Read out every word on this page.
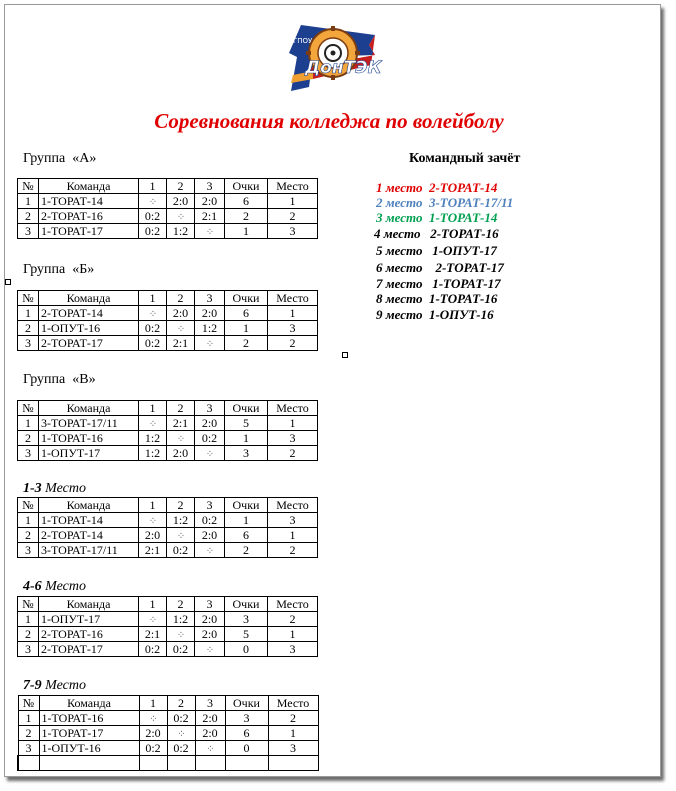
ГПОУ
ДонТЭК
Соревнования колледжа по волейболу
Группа «А»
№	Команда	1	2	3	Очки	Место
1	1-ТОРАТ-14	⁘	2:0	2:0	6	1
2	2-ТОРАТ-16	0:2	⁘	2:1	2	2
3	1-ТОРАТ-17	0:2	1:2	⁘	1	3
Группа «Б»
№	Команда	1	2	3	Очки	Место
1	2-ТОРАТ-14	⁘	2:0	2:0	6	1
2	1-ОПУТ-16	0:2	⁘	1:2	1	3
3	2-ТОРАТ-17	0:2	2:1	⁘	2	2
Группа «В»
№	Команда	1	2	3	Очки	Место
1	3-ТОРАТ-17/11	⁘	2:1	2:0	5	1
2	1-ТОРАТ-16	1:2	⁘	0:2	1	3
3	1-ОПУТ-17	1:2	2:0	⁘	3	2
1-3 Место
№	Команда	1	2	3	Очки	Место
1	1-ТОРАТ-14	⁘	1:2	0:2	1	3
2	2-ТОРАТ-14	2:0	⁘	2:0	6	1
3	3-ТОРАТ-17/11	2:1	0:2	⁘	2	2
4-6 Место
№	Команда	1	2	3	Очки	Место
1	1-ОПУТ-17	⁘	1:2	2:0	3	2
2	2-ТОРАТ-16	2:1	⁘	2:0	5	1
3	2-ТОРАТ-17	0:2	0:2	⁘	0	3
7-9 Место
№	Команда	1	2	3	Очки	Место
1	1-ТОРАТ-16	⁘	0:2	2:0	3	2
2	1-ТОРАТ-17	2:0	⁘	2:0	6	1
3	1-ОПУТ-16	0:2	0:2	⁘	0	3

Командный зачёт
1 место  2-ТОРАТ-14
2 место  3-ТОРАТ-17/11
3 место  1-ТОРАТ-14
4 место   2-ТОРАТ-16
5 место   1-ОПУТ-17
6 место    2-ТОРАТ-17
7 место   1-ТОРАТ-17
8 место  1-ТОРАТ-16
9 место  1-ОПУТ-16
